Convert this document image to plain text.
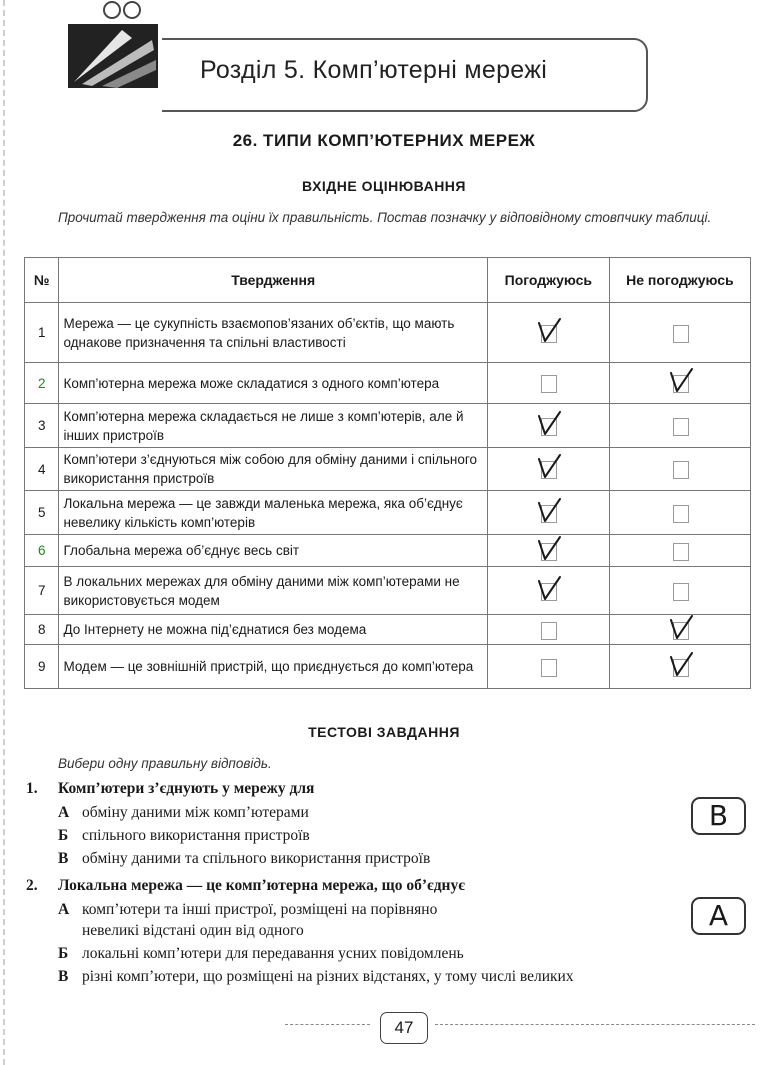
Розділ 5. Комп’ютерні мережі
26. ТИПИ КОМП’ЮТЕРНИХ МЕРЕЖ
ВХІДНЕ ОЦІНЮВАННЯ
Прочитай твердження та оціни їх правильність. Постав позначку у відповідному стовпчику таблиці.
№	Твердження	Погоджуюсь	Не погоджуюсь
1	Мережа — це сукупність взаємопов’язаних об’єктів, що мають однакове призначення та спільні властивості	

2	Комп’ютерна мережа може складатися з одного комп’ютера	

3	Комп’ютерна мережа складається не лише з комп’ютерів, але й інших пристроїв	

4	Комп’ютери з’єднуються між собою для обміну даними і спільного використання пристроїв	

5	Локальна мережа — це завжди маленька мережа, яка об’єднує невелику кількість комп’ютерів	

6	Глобальна мережа об’єднує весь світ	

7	В локальних мережах для обміну даними між комп’ютерами не використовується модем	

8	До Інтернету не можна під’єднатися без модема	

9	Модем — це зовнішній пристрій, що приєднується до комп’ютера	

ТЕСТОВІ ЗАВДАННЯ
Вибери одну правильну відповідь.
1. Комп’ютери з’єднують у мережу для
А обміну даними між комп’ютерами
Б спільного використання пристроїв
В обміну даними та спільного використання пристроїв
В
2. Локальна мережа — це комп’ютерна мережа, що об’єднує
А комп’ютери та інші пристрої, розміщені на порівняно
невеликі відстані один від одного
Б локальні комп’ютери для передавання усних повідомлень
В різні комп’ютери, що розміщені на різних відстанях, у тому числі великих
А
47
